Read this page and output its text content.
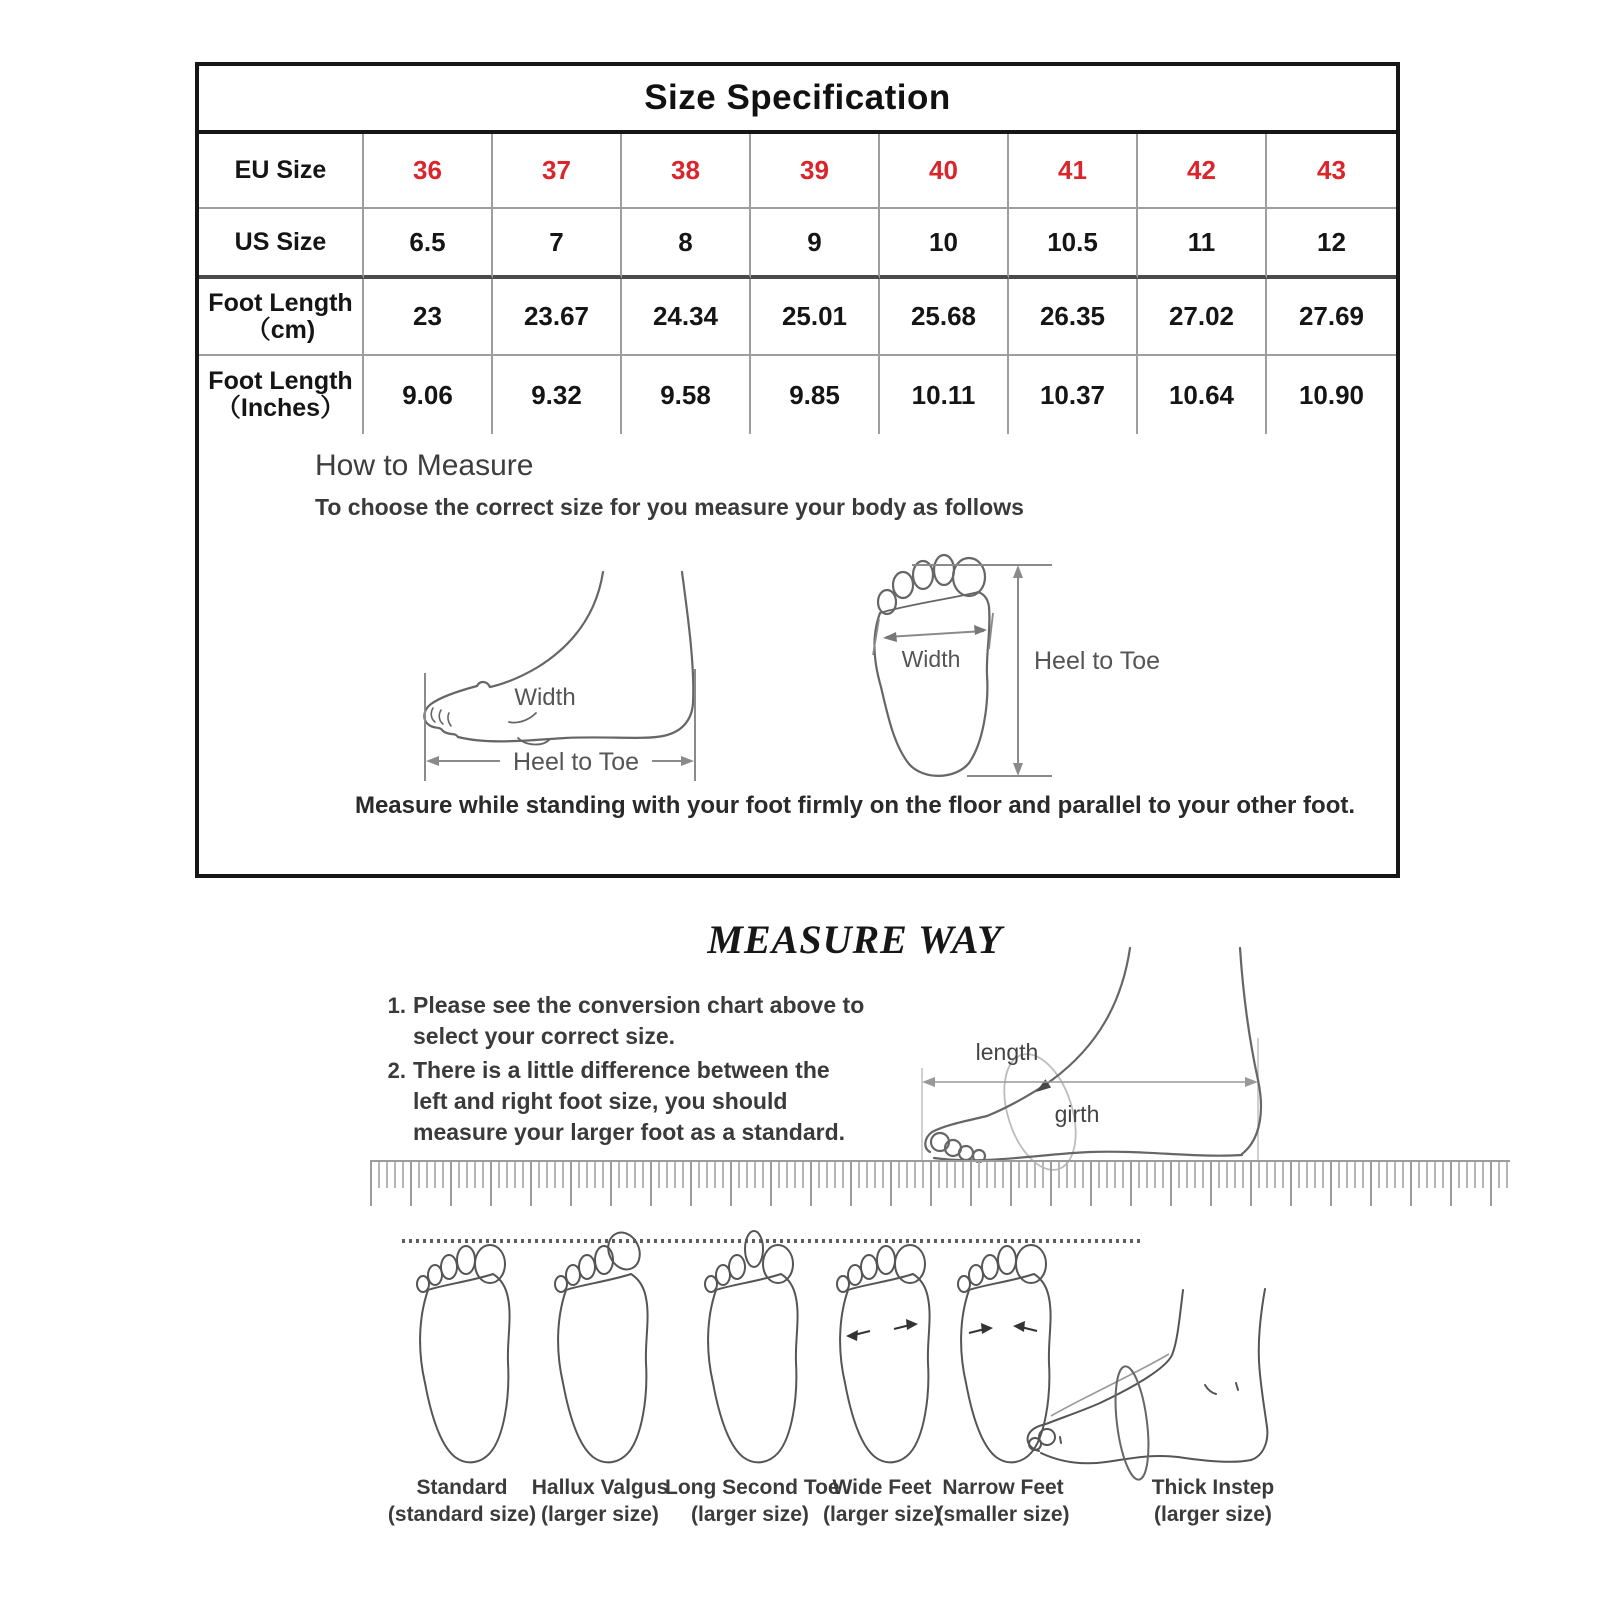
Size Specification
EU Size	36	37	38	39	40	41	42	43
US Size	6.5	7	8	9	10	10.5	11	12
Foot Length
（cm)	23	23.67	24.34	25.01	25.68	26.35	27.02	27.69
Foot Length
（Inches）	9.06	9.32	9.58	9.85	10.11	10.37	10.64	10.90
How to Measure
To choose the correct size for you measure your body as follows
Width
Heel to Toe
Width	Heel to Toe
Measure while standing with your foot firmly on the floor and parallel to your other foot.
MEASURE WAY
1. Please see the conversion chart above to select your correct size.
2. There is a little difference between the left and right foot size, you should measure your larger foot as a standard.
length
girth
Standard
(standard size)
Hallux Valgus
(larger size)
Long Second Toe
(larger size)
Wide Feet
(larger size)
Narrow Feet
(smaller size)
Thick Instep
(larger size)
